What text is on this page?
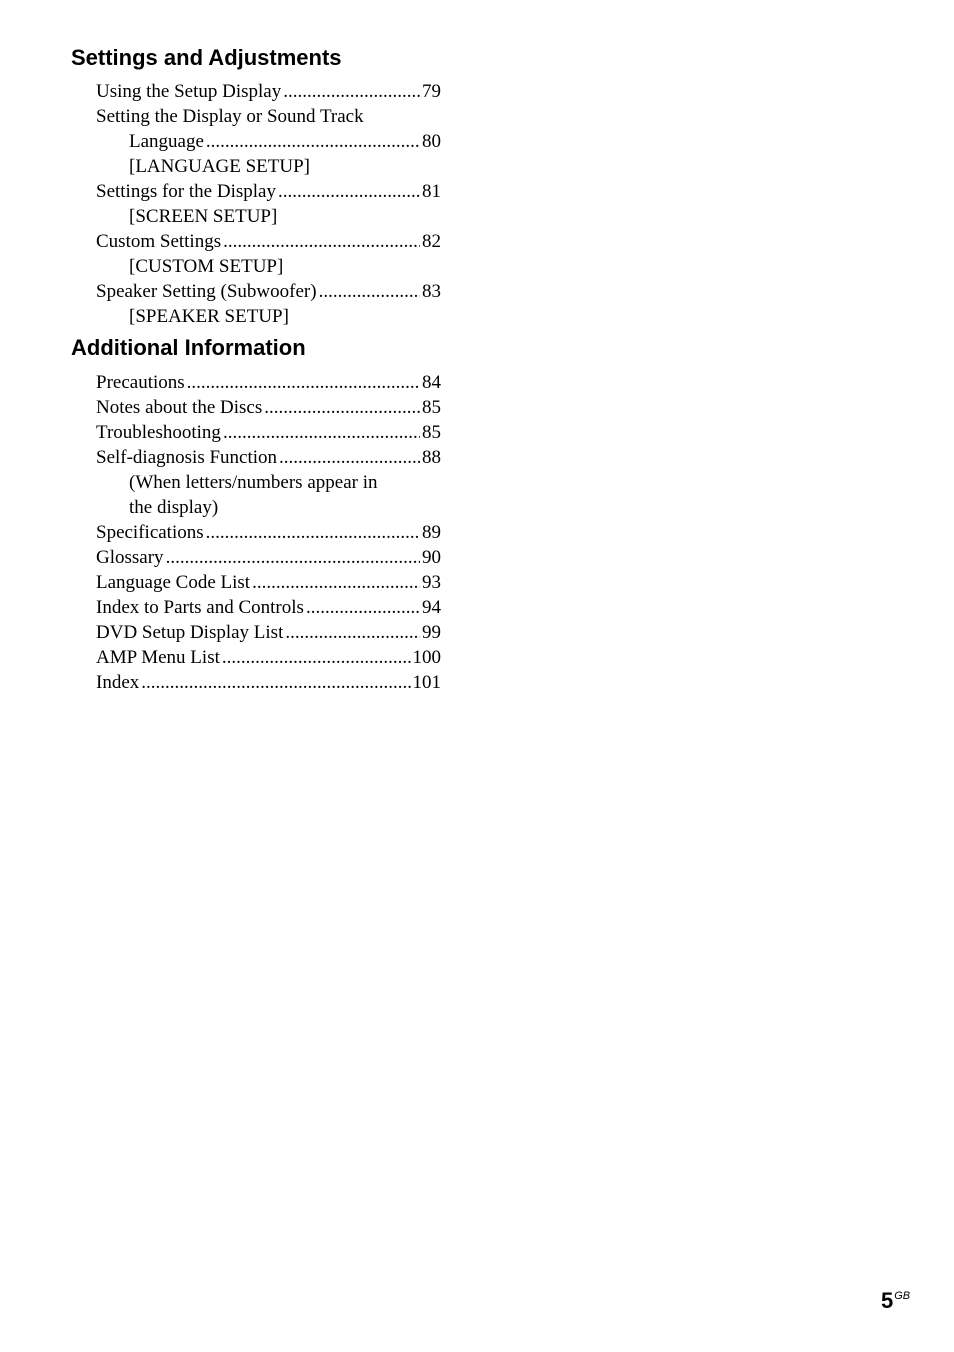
Settings and Adjustments
Using the Setup Display .....	79
Setting the Display or Sound Track
Language .....	80
[LANGUAGE SETUP]
Settings for the Display .....	81
[SCREEN SETUP]
Custom Settings .....	82
[CUSTOM SETUP]
Speaker Setting (Subwoofer) .....	83
[SPEAKER SETUP]
Additional Information
Precautions .....	84
Notes about the Discs .....	85
Troubleshooting .....	85
Self-diagnosis Function .....	88
(When letters/numbers appear in
the display)
Specifications .....	89
Glossary .....	90
Language Code List .....	93
Index to Parts and Controls .....	94
DVD Setup Display List .....	99
AMP Menu List .....	100
Index .....	101
$5^{GB}$
